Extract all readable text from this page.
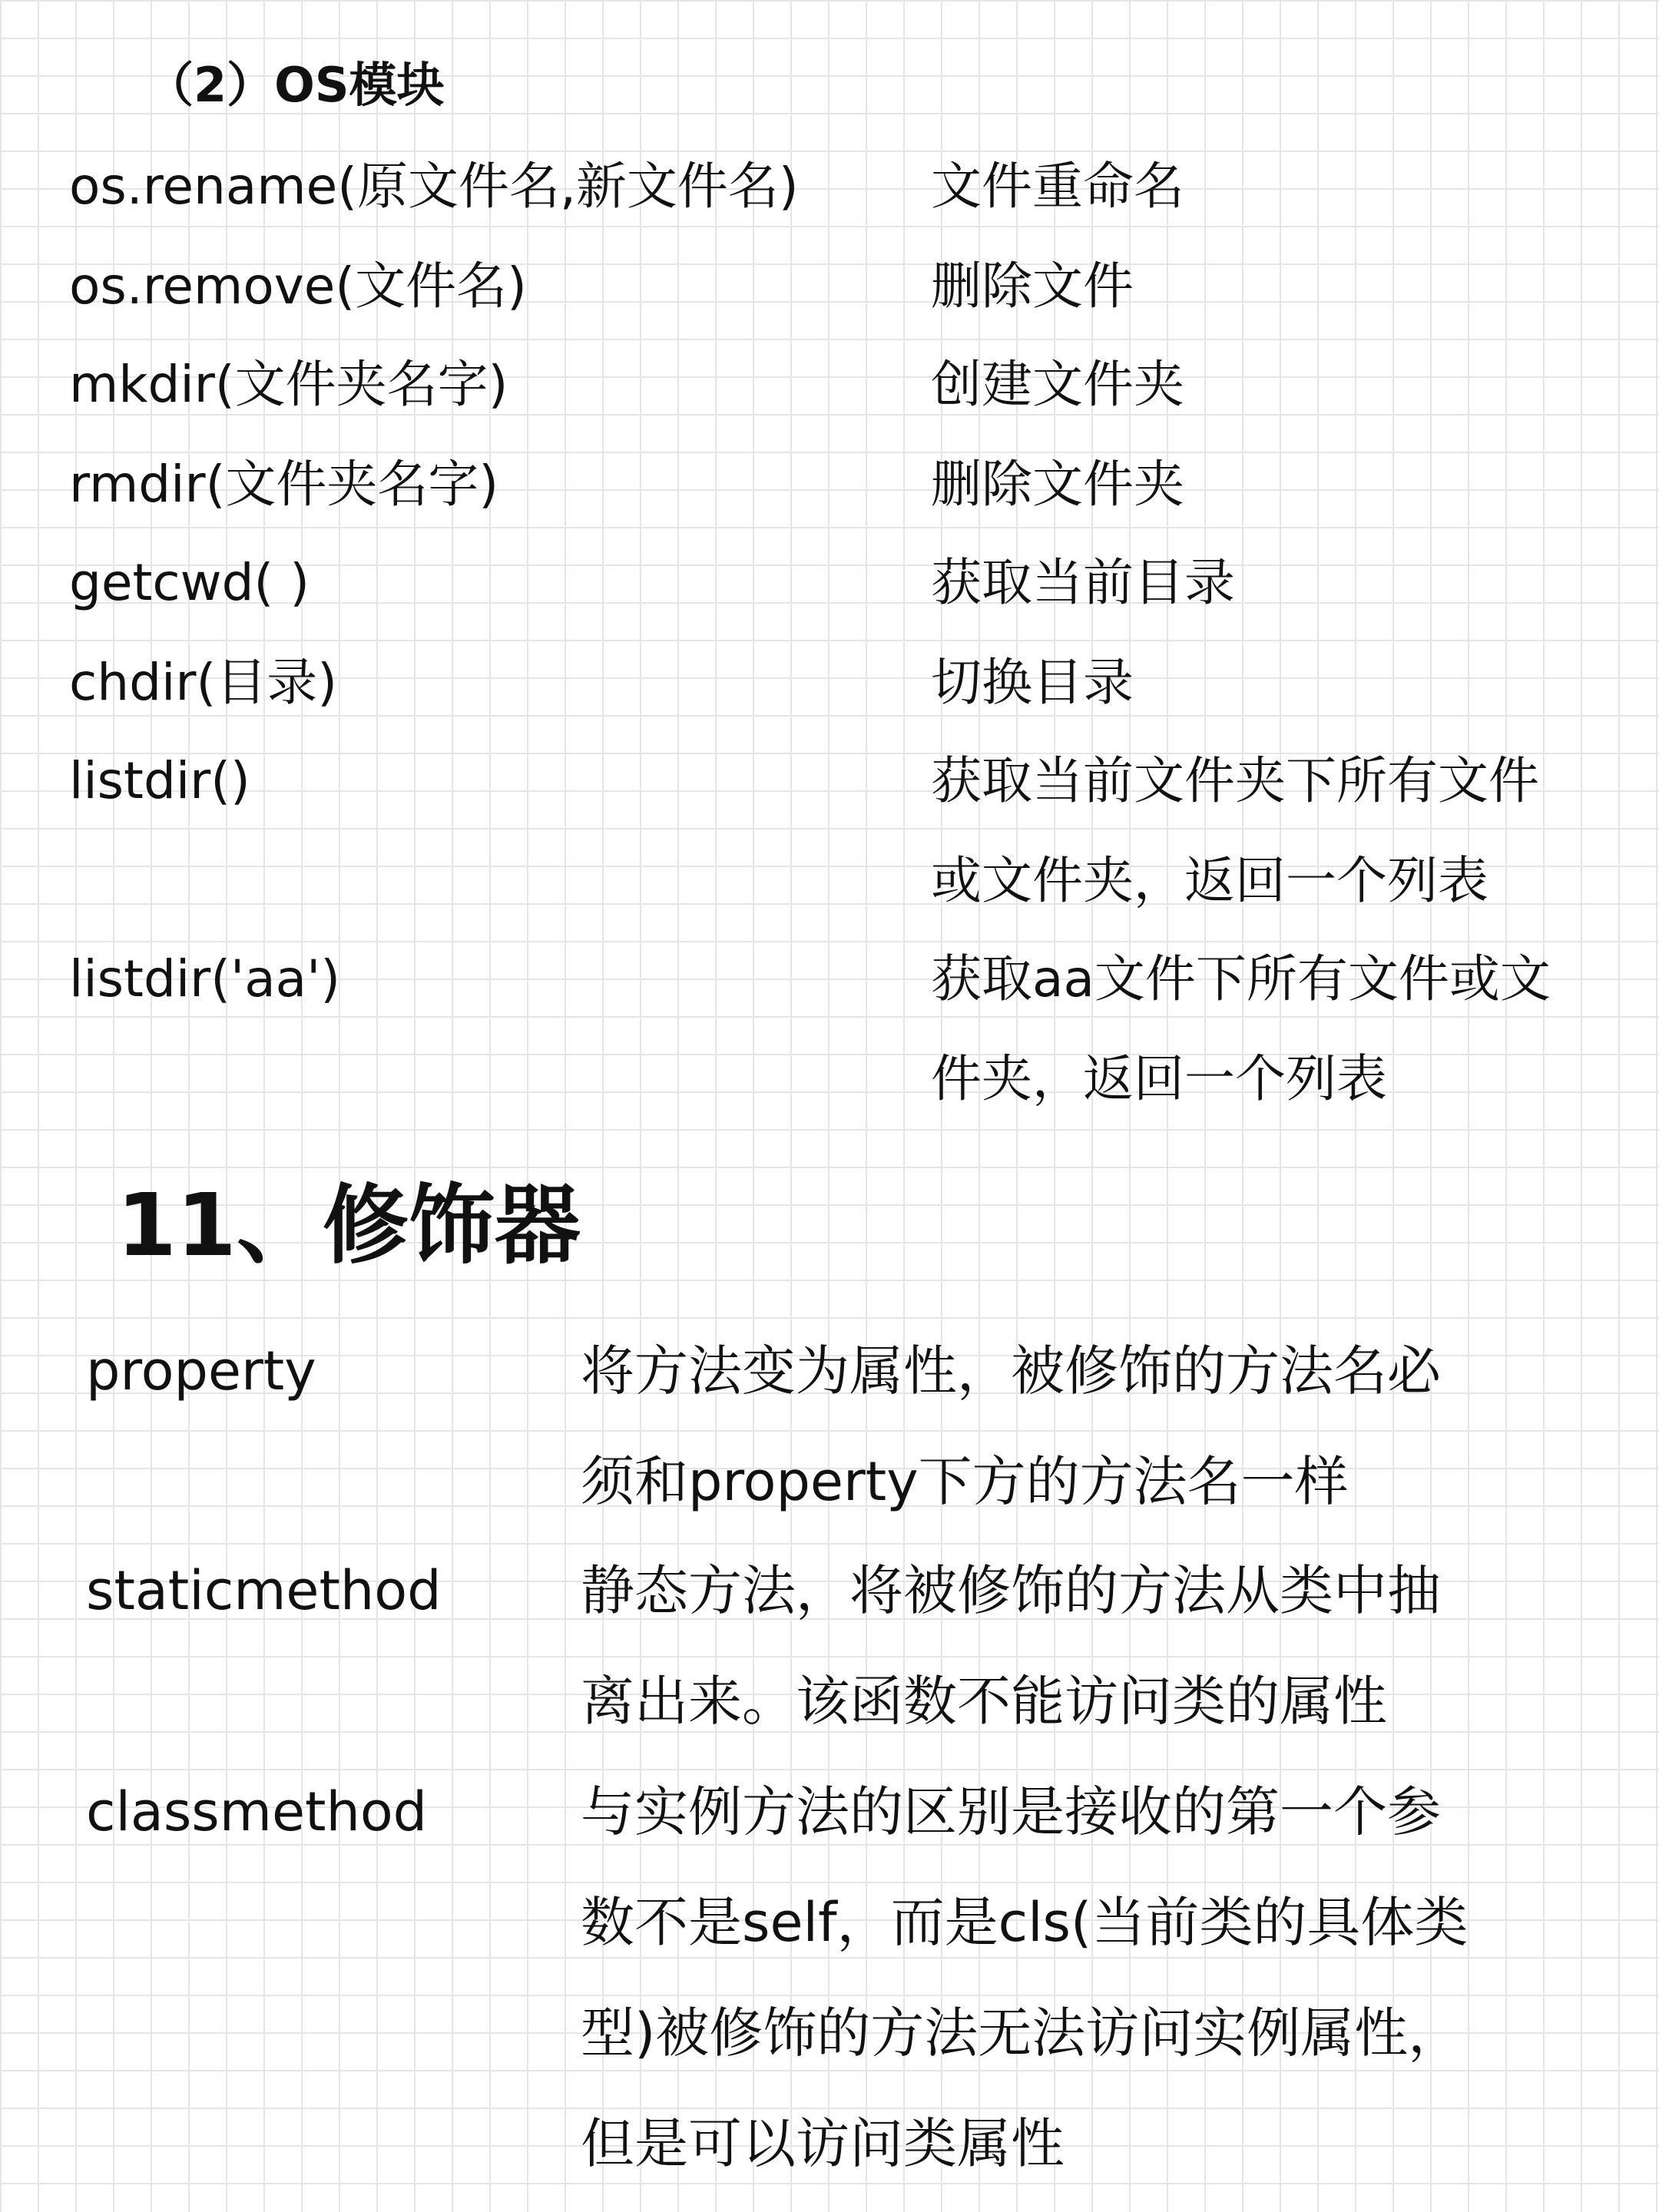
（2）OS模块
os.rename(原文件名,新文件名)	文件重命名
os.remove(文件名)	删除文件
mkdir(文件夹名字)	创建文件夹
rmdir(文件夹名字)	删除文件夹
getcwd( )	获取当前目录
chdir(目录)	切换目录
listdir()	获取当前文件夹下所有文件
或文件夹，返回一个列表
listdir('aa')	获取aa文件下所有文件或文
件夹，返回一个列表
11、修饰器
property	将方法变为属性，被修饰的方法名必
须和property下方的方法名一样
staticmethod	静态方法，将被修饰的方法从类中抽
离出来。该函数不能访问类的属性
classmethod	与实例方法的区别是接收的第一个参
数不是self，而是cls(当前类的具体类
型)被修饰的方法无法访问实例属性，
但是可以访问类属性
